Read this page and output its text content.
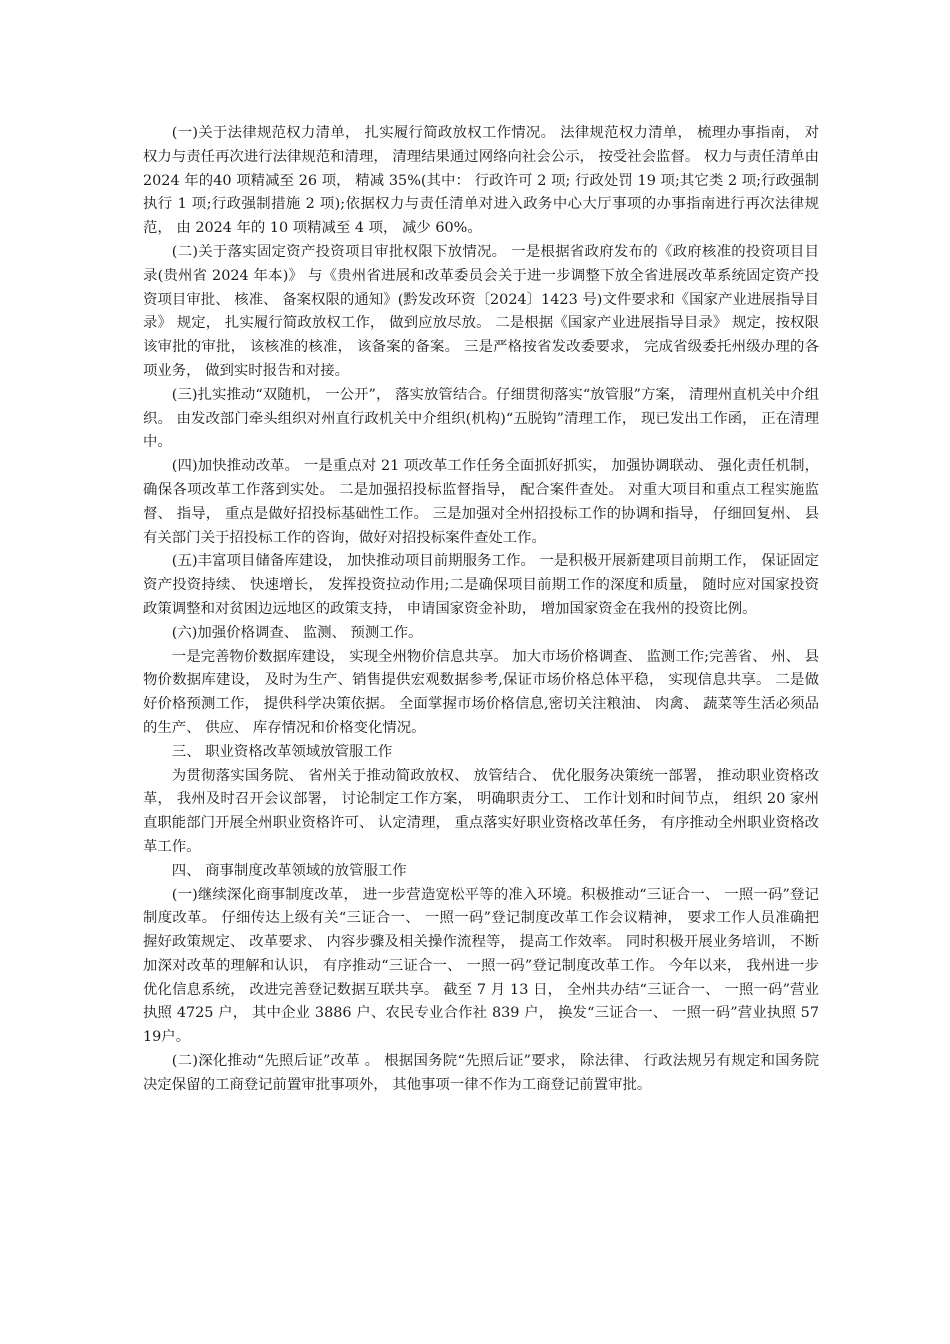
(一)关于法律规范权力清单， 扎实履行简政放权工作情况。 法律规范权力清单， 梳理办事指南， 对权力与责任再次进行法律规范和清理， 清理结果通过网络向社会公示， 按受社会监督。 权力与责任清单由 2024 年的40 项精减至 26 项， 精减 35%(其中： 行政许可 2 项; 行政处罚 19 项;其它类 2 项;行政强制执行 1 项;行政强制措施 2 项);依据权力与责任清单对进入政务中心大厅事项的办事指南进行再次法律规范， 由 2024 年的 10 项精减至 4 项， 减少 60%。

(二)关于落实固定资产投资项目审批权限下放情况。 一是根据省政府发布的《政府核准的投资项目目录(贵州省 2024 年本)》 与《贵州省进展和改革委员会关于进一步调整下放全省进展改革系统固定资产投资项目审批、 核准、 备案权限的通知》(黔发改环资〔2024〕1423 号)文件要求和《国家产业进展指导目录》 规定， 扎实履行简政放权工作， 做到应放尽放。 二是根据《国家产业进展指导目录》 规定，按权限该审批的审批， 该核准的核准， 该备案的备案。 三是严格按省发改委要求， 完成省级委托州级办理的各项业务， 做到实时报告和对接。

(三)扎实推动“双随机， 一公开”， 落实放管结合。仔细贯彻落实“放管服”方案， 清理州直机关中介组织。 由发改部门牵头组织对州直行政机关中介组织(机构)“五脱钩”清理工作， 现已发出工作函， 正在清理中。

(四)加快推动改革。 一是重点对 21 项改革工作任务全面抓好抓实， 加强协调联动、 强化责任机制， 确保各项改革工作落到实处。 二是加强招投标监督指导， 配合案件查处。 对重大项目和重点工程实施监督、 指导， 重点是做好招投标基础性工作。 三是加强对全州招投标工作的协调和指导， 仔细回复州、 县有关部门关于招投标工作的咨询，做好对招投标案件查处工作。

(五)丰富项目储备库建设， 加快推动项目前期服务工作。 一是积极开展新建项目前期工作， 保证固定资产投资持续、 快速增长， 发挥投资拉动作用;二是确保项目前期工作的深度和质量， 随时应对国家投资政策调整和对贫困边远地区的政策支持， 申请国家资金补助， 增加国家资金在我州的投资比例。

(六)加强价格调查、 监测、 预测工作。

一是完善物价数据库建设， 实现全州物价信息共享。 加大市场价格调查、 监测工作;完善省、 州、 县物价数据库建设， 及时为生产、销售提供宏观数据参考,保证市场价格总体平稳， 实现信息共享。 二是做好价格预测工作， 提供科学决策依据。 全面掌握市场价格信息,密切关注粮油、 肉禽、 蔬菜等生活必须品的生产、 供应、 库存情况和价格变化情况。

三、 职业资格改革领域放管服工作

为贯彻落实国务院、 省州关于推动简政放权、 放管结合、 优化服务决策统一部署， 推动职业资格改革， 我州及时召开会议部署， 讨论制定工作方案， 明确职责分工、 工作计划和时间节点， 组织 20 家州直职能部门开展全州职业资格许可、 认定清理， 重点落实好职业资格改革任务， 有序推动全州职业资格改革工作。

四、 商事制度改革领域的放管服工作

(一)继续深化商事制度改革， 进一步营造宽松平等的准入环境。积极推动“三证合一、 一照一码”登记制度改革。 仔细传达上级有关“三证合一、 一照一码”登记制度改革工作会议精神， 要求工作人员准确把握好政策规定、 改革要求、 内容步骤及相关操作流程等， 提高工作效率。 同时积极开展业务培训， 不断加深对改革的理解和认识， 有序推动“三证合一、 一照一码”登记制度改革工作。 今年以来， 我州进一步优化信息系统， 改进完善登记数据互联共享。 截至 7 月 13 日， 全州共办结“三证合一、 一照一码”营业执照 4725 户， 其中企业 3886 户、农民专业合作社 839 户， 换发“三证合一、 一照一码”营业执照 5719户。

(二)深化推动“先照后证”改革 。 根据国务院“先照后证”要求， 除法律、 行政法规另有规定和国务院决定保留的工商登记前置审批事项外， 其他事项一律不作为工商登记前置审批。
